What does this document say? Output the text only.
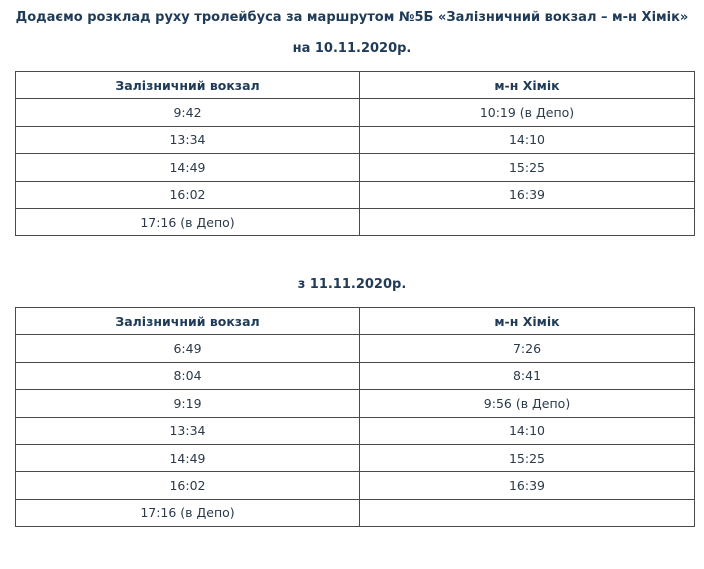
Додаємо розклад руху тролейбуса за маршрутом №5Б «Залізничний вокзал – м-н Хімік»
на 10.11.2020р.
Залізничний вокзал	м-н Хімік
9:42	10:19 (в Депо)
13:34	14:10
14:49	15:25
16:02	16:39
17:16 (в Депо)	
з 11.11.2020р.
Залізничний вокзал	м-н Хімік
6:49	7:26
8:04	8:41
9:19	9:56 (в Депо)
13:34	14:10
14:49	15:25
16:02	16:39
17:16 (в Депо)	
